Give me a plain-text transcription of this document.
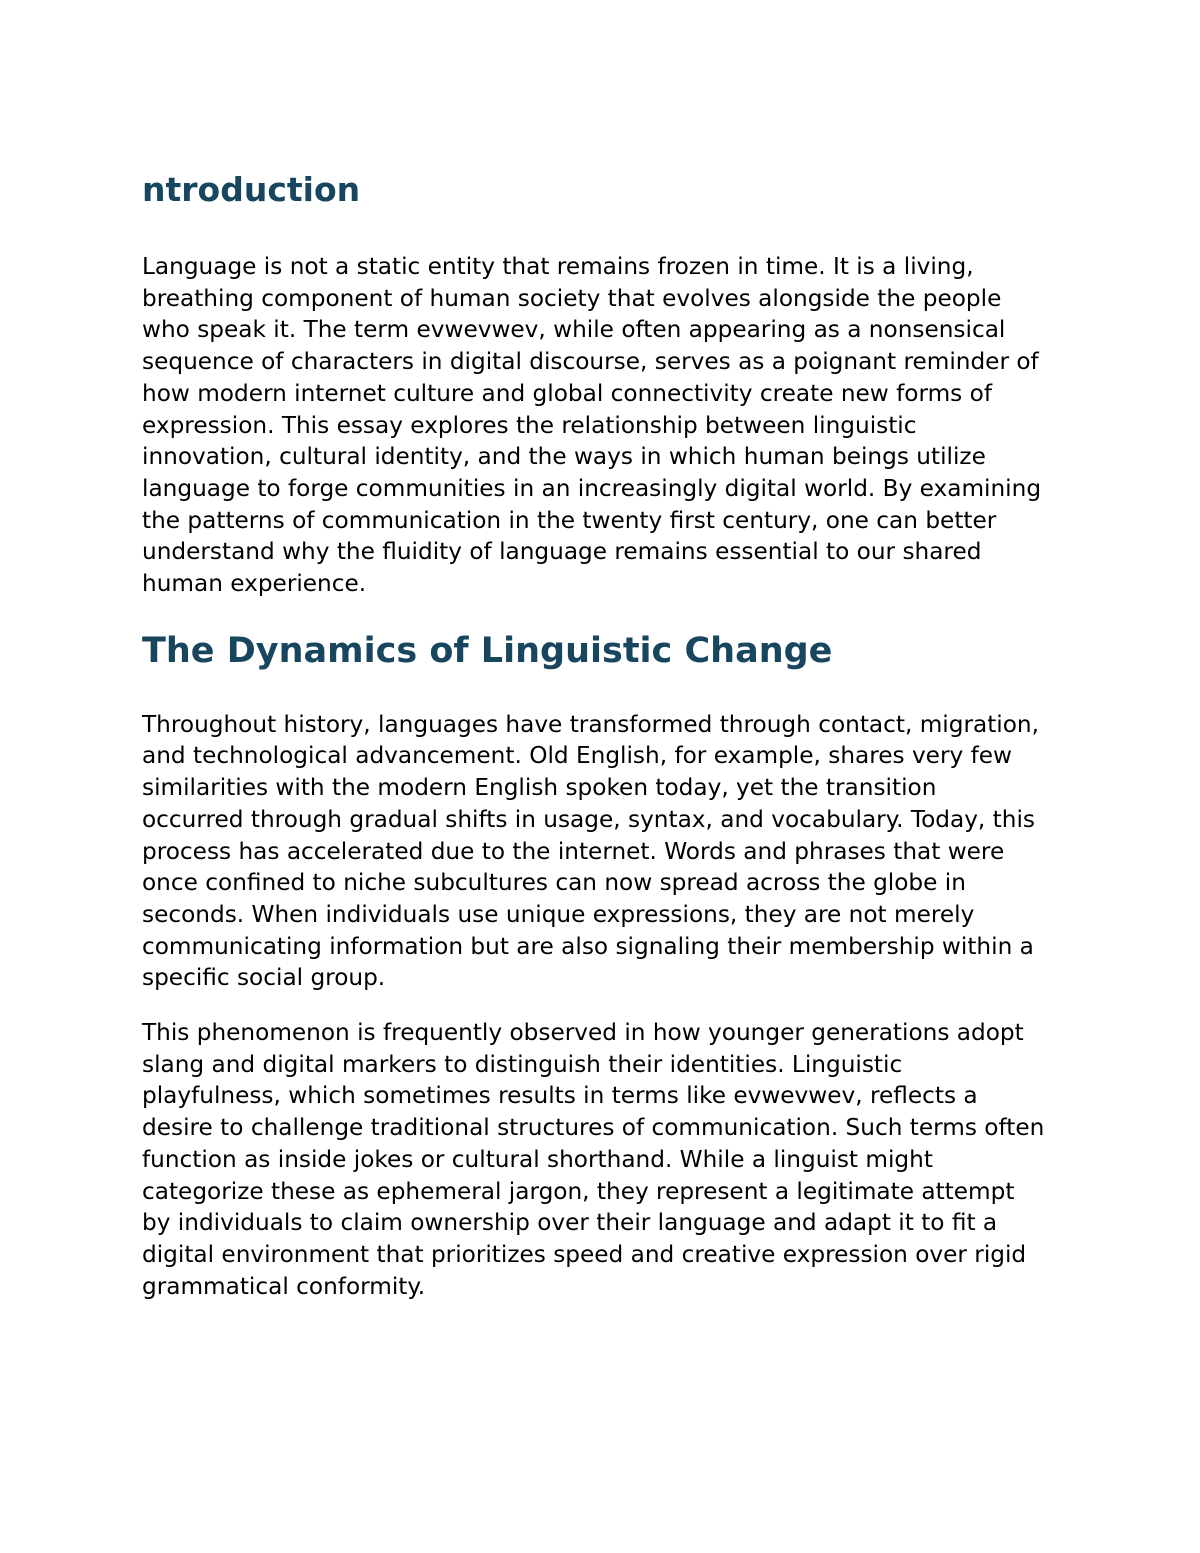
ntroduction

Language is not a static entity that remains frozen in time. It is a living,
breathing component of human society that evolves alongside the people
who speak it. The term evwevwev, while often appearing as a nonsensical
sequence of characters in digital discourse, serves as a poignant reminder of
how modern internet culture and global connectivity create new forms of
expression. This essay explores the relationship between linguistic
innovation, cultural identity, and the ways in which human beings utilize
language to forge communities in an increasingly digital world. By examining
the patterns of communication in the twenty first century, one can better
understand why the fluidity of language remains essential to our shared
human experience.

The Dynamics of Linguistic Change

Throughout history, languages have transformed through contact, migration,
and technological advancement. Old English, for example, shares very few
similarities with the modern English spoken today, yet the transition
occurred through gradual shifts in usage, syntax, and vocabulary. Today, this
process has accelerated due to the internet. Words and phrases that were
once confined to niche subcultures can now spread across the globe in
seconds. When individuals use unique expressions, they are not merely
communicating information but are also signaling their membership within a
specific social group.

This phenomenon is frequently observed in how younger generations adopt
slang and digital markers to distinguish their identities. Linguistic
playfulness, which sometimes results in terms like evwevwev, reflects a
desire to challenge traditional structures of communication. Such terms often
function as inside jokes or cultural shorthand. While a linguist might
categorize these as ephemeral jargon, they represent a legitimate attempt
by individuals to claim ownership over their language and adapt it to fit a
digital environment that prioritizes speed and creative expression over rigid
grammatical conformity.
